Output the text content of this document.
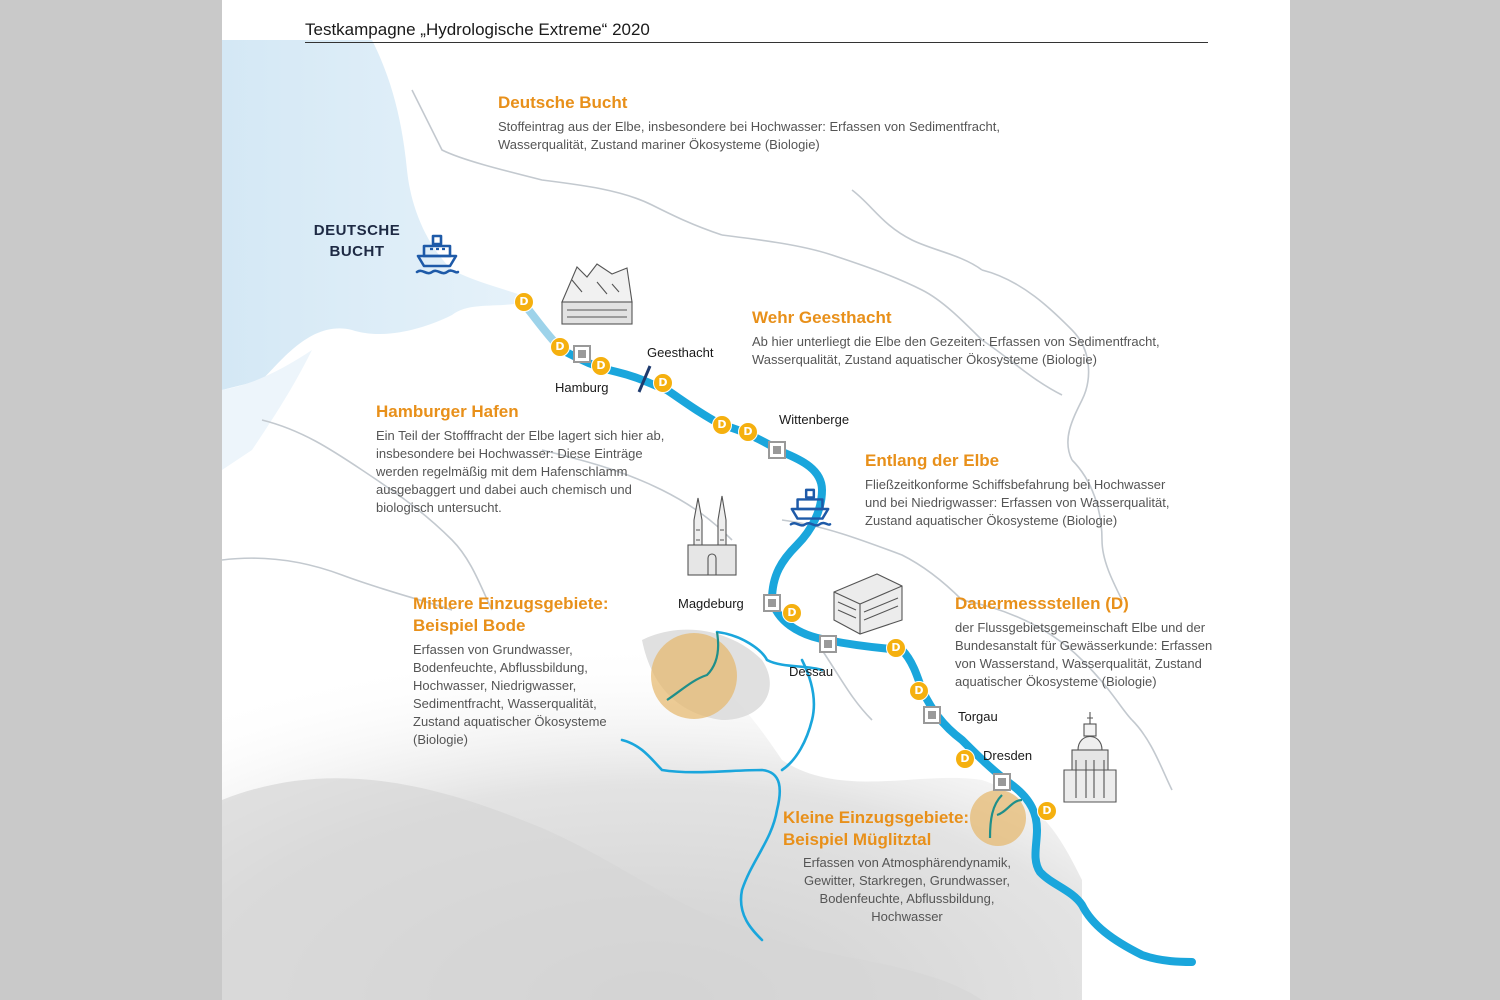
Testkampagne „Hydrologische Extreme“ 2020
DEUTSCHE
BUCHT
D
D
D
D
D
D
D
D
D
D
D
Hamburg
Geesthacht
Wittenberge
Magdeburg
Dessau
Torgau
Dresden
Deutsche Bucht

Stoffeintrag aus der Elbe, insbesondere bei Hochwasser: Erfassen von Sedimentfracht,
Wasserqualität, Zustand mariner Ökosysteme (Biologie)

Wehr Geesthacht

Ab hier unterliegt die Elbe den Gezeiten: Erfassen von Sedimentfracht,
Wasserqualität, Zustand aquatischer Ökosysteme (Biologie)

Hamburger Hafen

Ein Teil der Stofffracht der Elbe lagert sich hier ab,
insbesondere bei Hochwasser: Diese Einträge
werden regelmäßig mit dem Hafenschlamm
ausgebaggert und dabei auch chemisch und
biologisch untersucht.

Entlang der Elbe

Fließzeitkonforme Schiffsbefahrung bei Hochwasser
und bei Niedrigwasser: Erfassen von Wasserqualität,
Zustand aquatischer Ökosysteme (Biologie)

Mittlere Einzugsgebiete:
Beispiel Bode

Erfassen von Grundwasser,
Bodenfeuchte, Abflussbildung,
Hochwasser, Niedrigwasser,
Sedimentfracht, Wasserqualität,
Zustand aquatischer Ökosysteme
(Biologie)

Dauermessstellen (D)

der Flussgebietsgemeinschaft Elbe und der
Bundesanstalt für Gewässerkunde: Erfassen
von Wasserstand, Wasserqualität, Zustand
aquatischer Ökosysteme (Biologie)

Kleine Einzugsgebiete:
Beispiel Müglitztal

Erfassen von Atmosphärendynamik,
Gewitter, Starkregen, Grundwasser,
Bodenfeuchte, Abflussbildung,
Hochwasser
